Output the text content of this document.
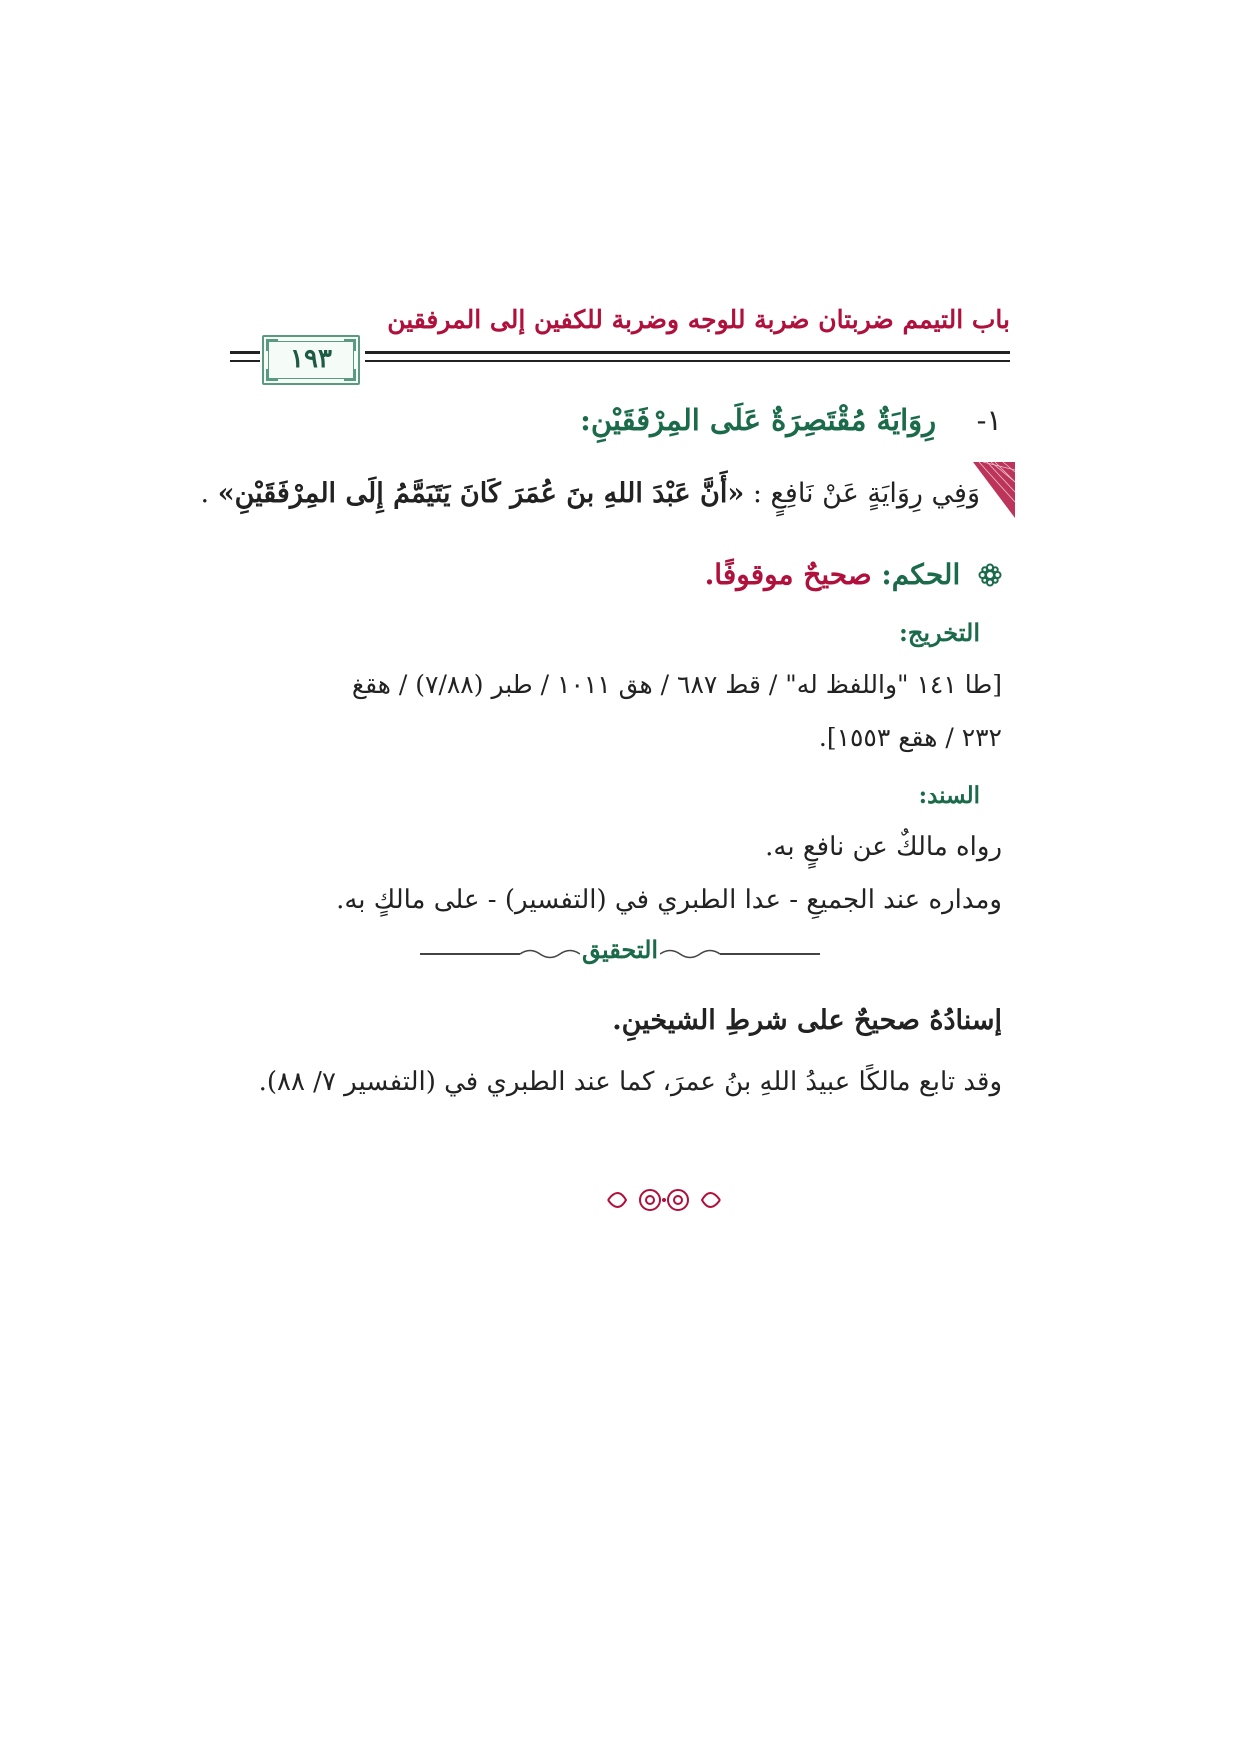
باب التيمم ضربتان ضربة للوجه وضربة للكفين إلى المرفقين
١٩٣
١-    رِوَايَةٌ مُقْتَصِرَةٌ عَلَى المِرْفَقَيْنِ:
وَفِي رِوَايَةٍ عَنْ نَافِعٍ : «أَنَّ عَبْدَ اللهِ بنَ عُمَرَ كَانَ يَتَيَمَّمُ إِلَى المِرْفَقَيْنِ» .
الحكم: صحيحٌ موقوفًا.
التخريج:
[طا ١٤١ "واللفظ له" / قط ٦٨٧ / هق ١٠١١ / طبر (٧/٨٨) / هقغ
٢٣٢ / هقع ١٥٥٣].
السند:
رواه مالكٌ عن نافعٍ به.
ومداره عند الجميعِ - عدا الطبري في (التفسير) - على مالكٍ به.
التحقيق
إسنادُهُ صحيحٌ على شرطِ الشيخينِ.
وقد تابع مالكًا عبيدُ اللهِ بنُ عمرَ، كما عند الطبري في (التفسير ٧/ ٨٨).
